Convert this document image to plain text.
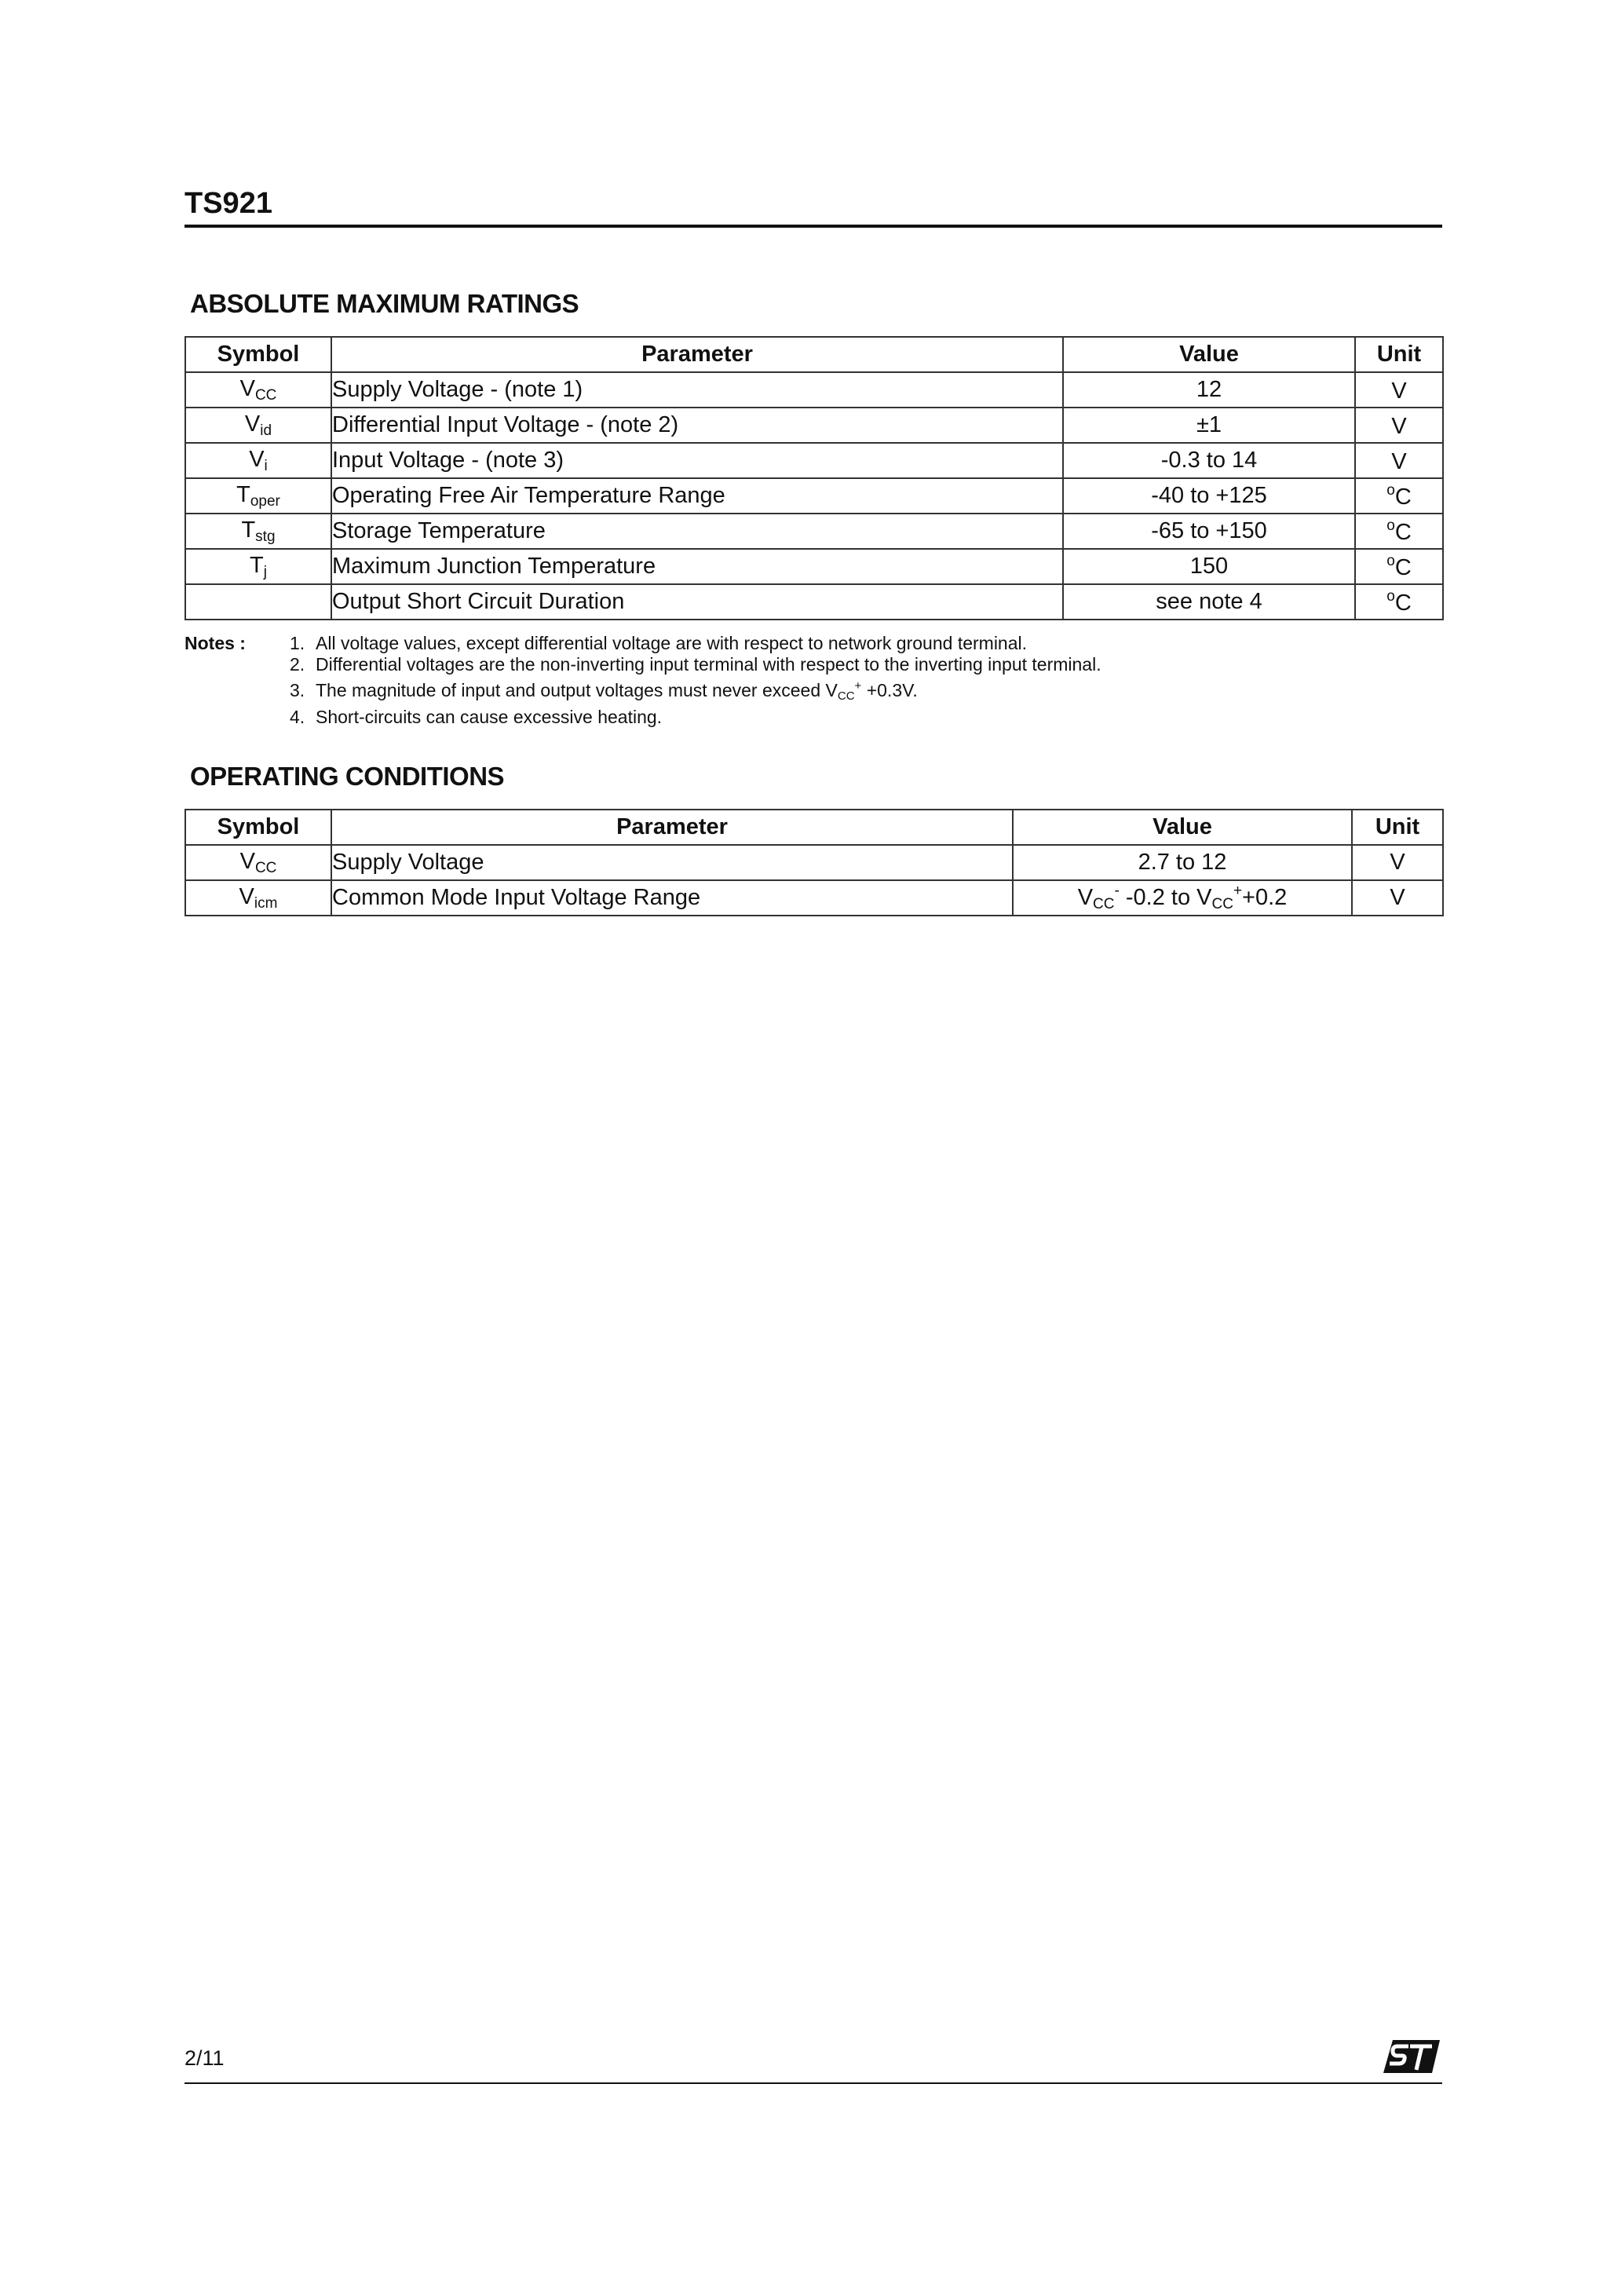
TS921
ABSOLUTE MAXIMUM RATINGS
Symbol	Parameter	Value	Unit
$V_{CC}$	Supply Voltage - (note 1)	12	V
$V_{id}$	Differential Input Voltage - (note 2)	±1	V
$V_i$	Input Voltage - (note 3)	-0.3 to 14	V
$T_{oper}$	Operating Free Air Temperature Range	-40 to +125	$^o$C
$T_{stg}$	Storage Temperature	-65 to +150	$^o$C
$T_j$	Maximum Junction Temperature	150	$^o$C
	Output Short Circuit Duration	see note 4	$^o$C
Notes : 1. All voltage values, except differential voltage are with respect to network ground terminal.
2. Differential voltages are the non-inverting input terminal with respect to the inverting input terminal.
3. The magnitude of input and output voltages must never exceed $V_{CC}^+ +0.3V$.
4. Short-circuits can cause excessive heating.
OPERATING CONDITIONS
Symbol	Parameter	Value	Unit
$V_{CC}$	Supply Voltage	2.7 to 12	V
$V_{icm}$	Common Mode Input Voltage Range	$V_{CC}^-$ -0.2 to $V_{CC}^++0.2$	V
2/11
